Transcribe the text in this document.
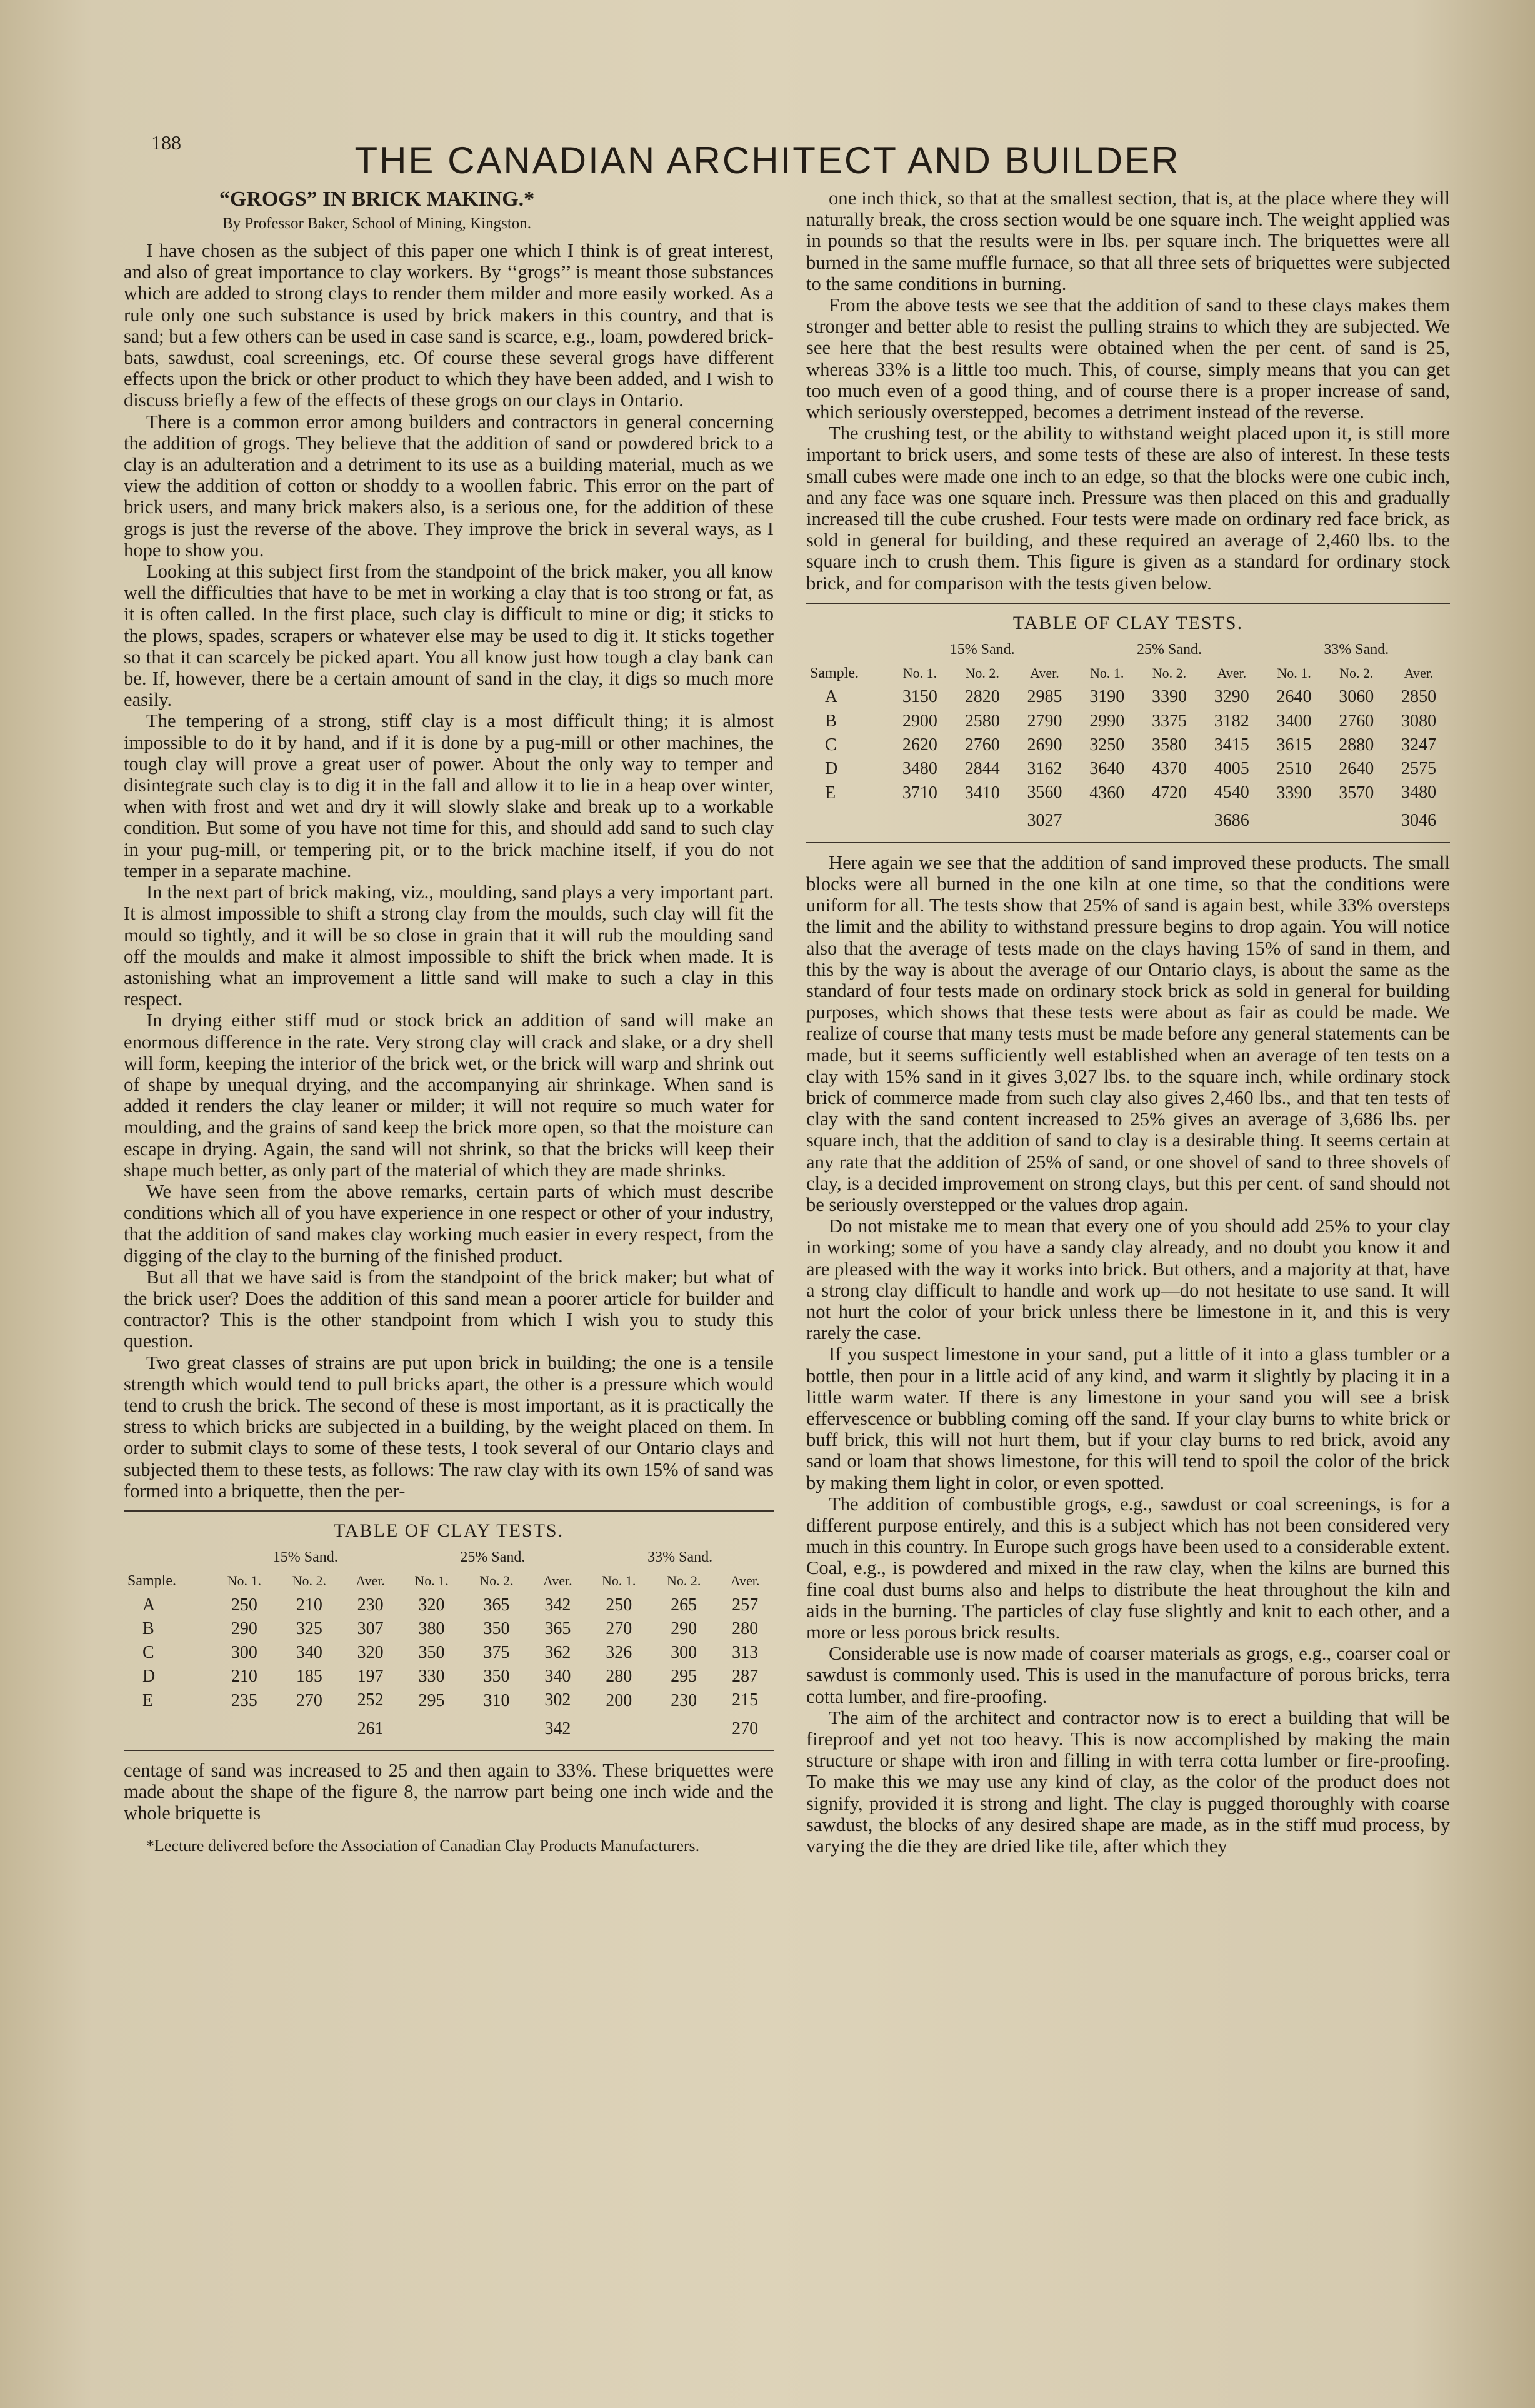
188	THE CANADIAN ARCHITECT AND BUILDER
“GROGS” IN BRICK MAKING.*
By Professor Baker, School of Mining, Kingston.

I have chosen as the subject of this paper one which I think is of great interest, and also of great importance to clay workers. By ‘‘grogs’’ is meant those substances which are added to strong clays to render them milder and more easily worked. As a rule only one such substance is used by brick makers in this country, and that is sand; but a few others can be used in case sand is scarce, e.g., loam, powdered brick-bats, sawdust, coal screenings, etc. Of course these several grogs have different effects upon the brick or other product to which they have been added, and I wish to discuss briefly a few of the effects of these grogs on our clays in Ontario.

There is a common error among builders and contractors in general concerning the addition of grogs. They believe that the addition of sand or powdered brick to a clay is an adulteration and a detriment to its use as a building material, much as we view the addition of cotton or shoddy to a woollen fabric. This error on the part of brick users, and many brick makers also, is a serious one, for the addition of these grogs is just the reverse of the above. They improve the brick in several ways, as I hope to show you.

Looking at this subject first from the standpoint of the brick maker, you all know well the difficulties that have to be met in working a clay that is too strong or fat, as it is often called. In the first place, such clay is difficult to mine or dig; it sticks to the plows, spades, scrapers or whatever else may be used to dig it. It sticks together so that it can scarcely be picked apart. You all know just how tough a clay bank can be. If, however, there be a certain amount of sand in the clay, it digs so much more easily.

The tempering of a strong, stiff clay is a most difficult thing; it is almost impossible to do it by hand, and if it is done by a pug-mill or other machines, the tough clay will prove a great user of power. About the only way to temper and disintegrate such clay is to dig it in the fall and allow it to lie in a heap over winter, when with frost and wet and dry it will slowly slake and break up to a workable condition. But some of you have not time for this, and should add sand to such clay in your pug-mill, or tempering pit, or to the brick machine itself, if you do not temper in a separate machine.

In the next part of brick making, viz., moulding, sand plays a very important part. It is almost impossible to shift a strong clay from the moulds, such clay will fit the mould so tightly, and it will be so close in grain that it will rub the moulding sand off the moulds and make it almost impossible to shift the brick when made. It is astonishing what an improvement a little sand will make to such a clay in this respect.

In drying either stiff mud or stock brick an addition of sand will make an enormous difference in the rate. Very strong clay will crack and slake, or a dry shell will form, keeping the interior of the brick wet, or the brick will warp and shrink out of shape by unequal drying, and the accompanying air shrinkage. When sand is added it renders the clay leaner or milder; it will not require so much water for moulding, and the grains of sand keep the brick more open, so that the moisture can escape in drying. Again, the sand will not shrink, so that the bricks will keep their shape much better, as only part of the material of which they are made shrinks.

We have seen from the above remarks, certain parts of which must describe conditions which all of you have experience in one respect or other of your industry, that the addition of sand makes clay working much easier in every respect, from the digging of the clay to the burning of the finished product.

But all that we have said is from the standpoint of the brick maker; but what of the brick user? Does the addition of this sand mean a poorer article for builder and contractor? This is the other standpoint from which I wish you to study this question.

Two great classes of strains are put upon brick in building; the one is a tensile strength which would tend to pull bricks apart, the other is a pressure which would tend to crush the brick. The second of these is most important, as it is practically the stress to which bricks are subjected in a building, by the weight placed on them. In order to submit clays to some of these tests, I took several of our Ontario clays and subjected them to these tests, as follows: The raw clay with its own 15% of sand was formed into a briquette, then the per-

TABLE OF CLAY TESTS.
	15% Sand.			25% Sand.			33% Sand.		
Sample.	No. 1.	No. 2.	Aver.	No. 1.	No. 2.	Aver.	No. 1.	No. 2.	Aver.
A	250	210	230	320	365	342	250	265	257
B	290	325	307	380	350	365	270	290	280
C	300	340	320	350	375	362	326	300	313
D	210	185	197	330	350	340	280	295	287
E	235	270	252	295	310	302	200	230	215
			261			342			270

centage of sand was increased to 25 and then again to 33%. These briquettes were made about the shape of the figure 8, the narrow part being one inch wide and the whole briquette is

*Lecture delivered before the Association of Canadian Clay Products Manufacturers.

one inch thick, so that at the smallest section, that is, at the place where they will naturally break, the cross section would be one square inch. The weight applied was in pounds so that the results were in lbs. per square inch. The briquettes were all burned in the same muffle furnace, so that all three sets of briquettes were subjected to the same conditions in burning.

From the above tests we see that the addition of sand to these clays makes them stronger and better able to resist the pulling strains to which they are subjected. We see here that the best results were obtained when the per cent. of sand is 25, whereas 33% is a little too much. This, of course, simply means that you can get too much even of a good thing, and of course there is a proper increase of sand, which seriously overstepped, becomes a detriment instead of the reverse.

The crushing test, or the ability to withstand weight placed upon it, is still more important to brick users, and some tests of these are also of interest. In these tests small cubes were made one inch to an edge, so that the blocks were one cubic inch, and any face was one square inch. Pressure was then placed on this and gradually increased till the cube crushed. Four tests were made on ordinary red face brick, as sold in general for building, and these required an average of 2,460 lbs. to the square inch to crush them. This figure is given as a standard for ordinary stock brick, and for comparison with the tests given below.

TABLE OF CLAY TESTS.
	15% Sand.			25% Sand.			33% Sand.		
Sample.	No. 1.	No. 2.	Aver.	No. 1.	No. 2.	Aver.	No. 1.	No. 2.	Aver.
A	3150	2820	2985	3190	3390	3290	2640	3060	2850
B	2900	2580	2790	2990	3375	3182	3400	2760	3080
C	2620	2760	2690	3250	3580	3415	3615	2880	3247
D	3480	2844	3162	3640	4370	4005	2510	2640	2575
E	3710	3410	3560	4360	4720	4540	3390	3570	3480
			3027			3686			3046

Here again we see that the addition of sand improved these products. The small blocks were all burned in the one kiln at one time, so that the conditions were uniform for all. The tests show that 25% of sand is again best, while 33% oversteps the limit and the ability to withstand pressure begins to drop again. You will notice also that the average of tests made on the clays having 15% of sand in them, and this by the way is about the average of our Ontario clays, is about the same as the standard of four tests made on ordinary stock brick as sold in general for building purposes, which shows that these tests were about as fair as could be made. We realize of course that many tests must be made before any general statements can be made, but it seems sufficiently well established when an average of ten tests on a clay with 15% sand in it gives 3,027 lbs. to the square inch, while ordinary stock brick of commerce made from such clay also gives 2,460 lbs., and that ten tests of clay with the sand content increased to 25% gives an average of 3,686 lbs. per square inch, that the addition of sand to clay is a desirable thing. It seems certain at any rate that the addition of 25% of sand, or one shovel of sand to three shovels of clay, is a decided improvement on strong clays, but this per cent. of sand should not be seriously overstepped or the values drop again.

Do not mistake me to mean that every one of you should add 25% to your clay in working; some of you have a sandy clay already, and no doubt you know it and are pleased with the way it works into brick. But others, and a majority at that, have a strong clay difficult to handle and work up—do not hesitate to use sand. It will not hurt the color of your brick unless there be limestone in it, and this is very rarely the case.

If you suspect limestone in your sand, put a little of it into a glass tumbler or a bottle, then pour in a little acid of any kind, and warm it slightly by placing it in a little warm water. If there is any limestone in your sand you will see a brisk effervescence or bubbling coming off the sand. If your clay burns to white brick or buff brick, this will not hurt them, but if your clay burns to red brick, avoid any sand or loam that shows limestone, for this will tend to spoil the color of the brick by making them light in color, or even spotted.

The addition of combustible grogs, e.g., sawdust or coal screenings, is for a different purpose entirely, and this is a subject which has not been considered very much in this country. In Europe such grogs have been used to a considerable extent. Coal, e.g., is powdered and mixed in the raw clay, when the kilns are burned this fine coal dust burns also and helps to distribute the heat throughout the kiln and aids in the burning. The particles of clay fuse slightly and knit to each other, and a more or less porous brick results.

Considerable use is now made of coarser materials as grogs, e.g., coarser coal or sawdust is commonly used. This is used in the manufacture of porous bricks, terra cotta lumber, and fire-proofing.

The aim of the architect and contractor now is to erect a building that will be fireproof and yet not too heavy. This is now accomplished by making the main structure or shape with iron and filling in with terra cotta lumber or fire-proofing. To make this we may use any kind of clay, as the color of the product does not signify, provided it is strong and light. The clay is pugged thoroughly with coarse sawdust, the blocks of any desired shape are made, as in the stiff mud process, by varying the die they are dried like tile, after which they
